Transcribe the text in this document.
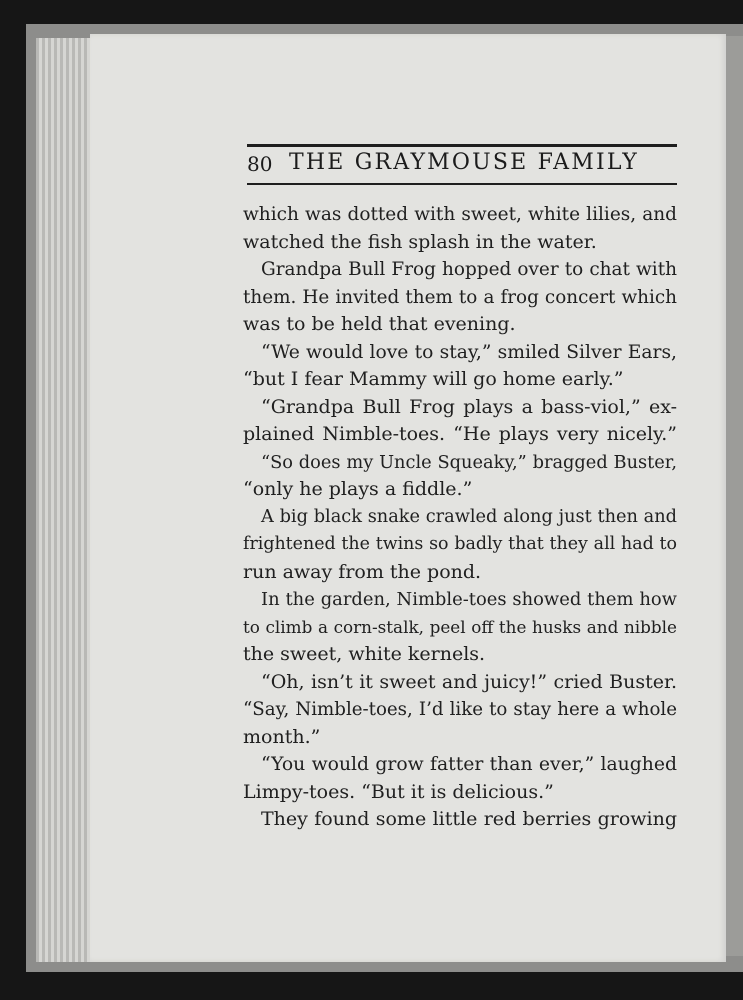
80 THE GRAYMOUSE FAMILY
which was dotted with sweet, white lilies, and
watched the fish splash in the water.
Grandpa Bull Frog hopped over to chat with
them. He invited them to a frog concert which
was to be held that evening.
“We would love to stay,” smiled Silver Ears,
“but I fear Mammy will go home early.”
“Grandpa Bull Frog plays a bass-viol,” ex-
plained Nimble-toes. “He plays very nicely.”
“So does my Uncle Squeaky,” bragged Buster,
“only he plays a fiddle.”
A big black snake crawled along just then and
frightened the twins so badly that they all had to
run away from the pond.
In the garden, Nimble-toes showed them how
to climb a corn-stalk, peel off the husks and nibble
the sweet, white kernels.
“Oh, isn’t it sweet and juicy!” cried Buster.
“Say, Nimble-toes, I’d like to stay here a whole
month.”
“You would grow fatter than ever,” laughed
Limpy-toes. “But it is delicious.”
They found some little red berries growing
